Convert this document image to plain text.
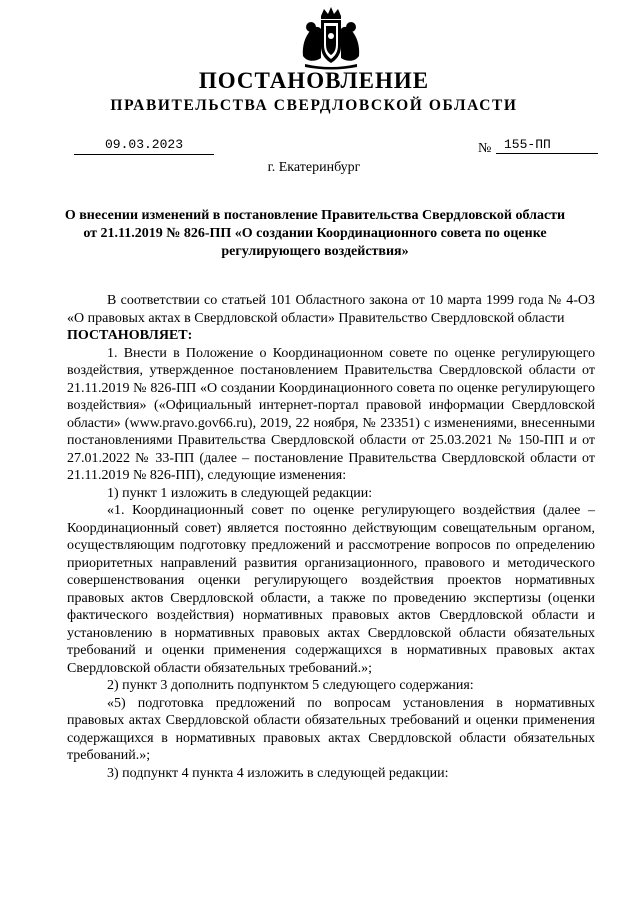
ПОСТАНОВЛЕНИЕ
ПРАВИТЕЛЬСТВА СВЕРДЛОВСКОЙ ОБЛАСТИ
09.03.2023	№ 155-ПП
г. Екатеринбург
О внесении изменений в постановление Правительства Свердловской области от 21.11.2019 № 826-ПП «О создании Координационного совета по оценке регулирующего воздействия»

В соответствии со статьей 101 Областного закона от 10 марта 1999 года № 4-ОЗ «О правовых актах в Свердловской области» Правительство Свердловской области

ПОСТАНОВЛЯЕТ:

1. Внести в Положение о Координационном совете по оценке регулирующего воздействия, утвержденное постановлением Правительства Свердловской области от 21.11.2019 № 826-ПП «О создании Координационного совета по оценке регулирующего воздействия» («Официальный интернет-портал правовой информации Свердловской области» (www.pravo.gov66.ru), 2019, 22 ноября, № 23351) с изменениями, внесенными постановлениями Правительства Свердловской области от 25.03.2021 № 150-ПП и от 27.01.2022 № 33-ПП (далее – постановление Правительства Свердловской области от 21.11.2019 № 826-ПП), следующие изменения:

1) пункт 1 изложить в следующей редакции:

«1. Координационный совет по оценке регулирующего воздействия (далее – Координационный совет) является постоянно действующим совещательным органом, осуществляющим подготовку предложений и рассмотрение вопросов по определению приоритетных направлений развития организационного, правового и методического совершенствования оценки регулирующего воздействия проектов нормативных правовых актов Свердловской области, а также по проведению экспертизы (оценки фактического воздействия) нормативных правовых актов Свердловской области и установлению в нормативных правовых актах Свердловской области обязательных требований и оценки применения содержащихся в нормативных правовых актах Свердловской области обязательных требований.»;

2) пункт 3 дополнить подпунктом 5 следующего содержания:

«5) подготовка предложений по вопросам установления в нормативных правовых актах Свердловской области обязательных требований и оценки применения содержащихся в нормативных правовых актах Свердловской области обязательных требований.»;

3) подпункт 4 пункта 4 изложить в следующей редакции:
